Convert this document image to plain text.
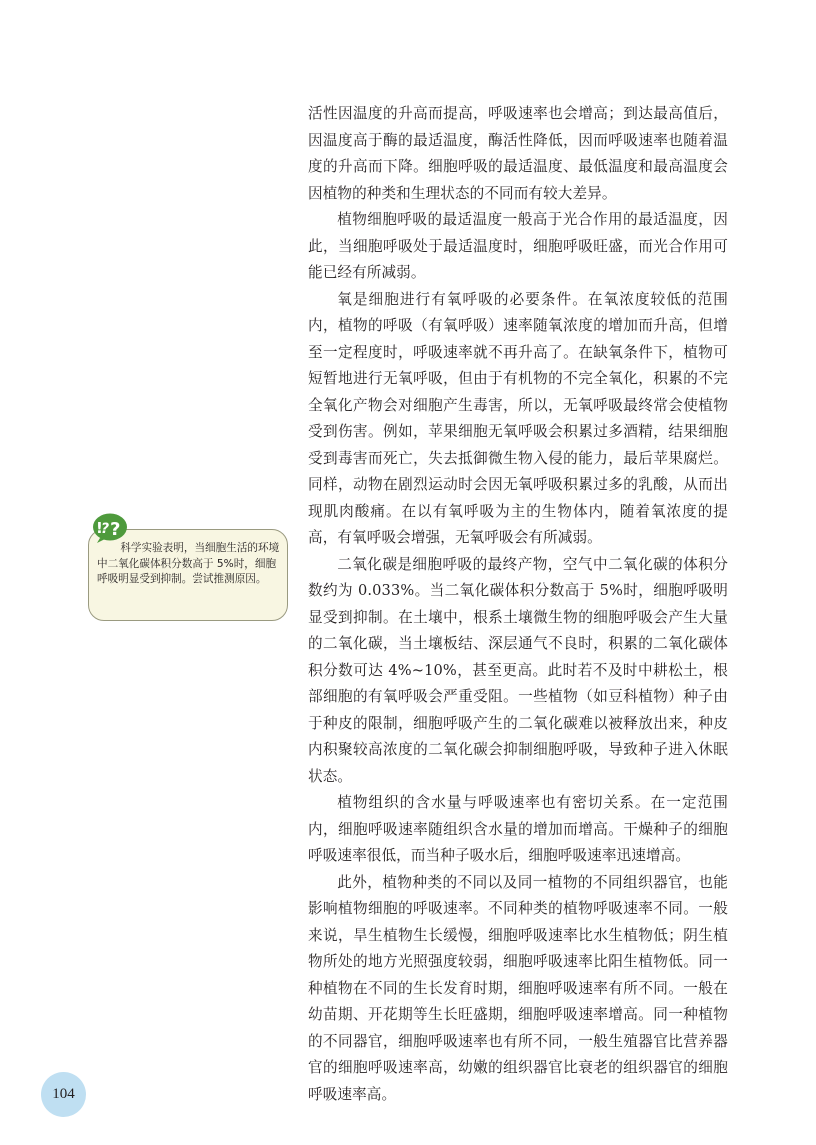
活性因温度的升高而提高，呼吸速率也会增高；到达最高值后，因温度高于酶的最适温度，酶活性降低，因而呼吸速率也随着温度的升高而下降。细胞呼吸的最适温度、最低温度和最高温度会因植物的种类和生理状态的不同而有较大差异。

植物细胞呼吸的最适温度一般高于光合作用的最适温度，因此，当细胞呼吸处于最适温度时，细胞呼吸旺盛，而光合作用可能已经有所减弱。

氧是细胞进行有氧呼吸的必要条件。在氧浓度较低的范围内，植物的呼吸（有氧呼吸）速率随氧浓度的增加而升高，但增至一定程度时，呼吸速率就不再升高了。在缺氧条件下，植物可短暂地进行无氧呼吸，但由于有机物的不完全氧化，积累的不完全氧化产物会对细胞产生毒害，所以，无氧呼吸最终常会使植物受到伤害。例如，苹果细胞无氧呼吸会积累过多酒精，结果细胞受到毒害而死亡，失去抵御微生物入侵的能力，最后苹果腐烂。同样，动物在剧烈运动时会因无氧呼吸积累过多的乳酸，从而出现肌肉酸痛。在以有氧呼吸为主的生物体内，随着氧浓度的提高，有氧呼吸会增强，无氧呼吸会有所减弱。

二氧化碳是细胞呼吸的最终产物，空气中二氧化碳的体积分数约为 0.033%。当二氧化碳体积分数高于 5%时，细胞呼吸明显受到抑制。在土壤中，根系土壤微生物的细胞呼吸会产生大量的二氧化碳，当土壤板结、深层通气不良时，积累的二氧化碳体积分数可达 4%~10%，甚至更高。此时若不及时中耕松土，根部细胞的有氧呼吸会严重受阻。一些植物（如豆科植物）种子由于种皮的限制，细胞呼吸产生的二氧化碳难以被释放出来，种皮内积聚较高浓度的二氧化碳会抑制细胞呼吸，导致种子进入休眠状态。

植物组织的含水量与呼吸速率也有密切关系。在一定范围内，细胞呼吸速率随组织含水量的增加而增高。干燥种子的细胞呼吸速率很低，而当种子吸水后，细胞呼吸速率迅速增高。

此外，植物种类的不同以及同一植物的不同组织器官，也能影响植物细胞的呼吸速率。不同种类的植物呼吸速率不同。一般来说，旱生植物生长缓慢，细胞呼吸速率比水生植物低；阴生植物所处的地方光照强度较弱，细胞呼吸速率比阳生植物低。同一种植物在不同的生长发育时期，细胞呼吸速率有所不同。一般在幼苗期、开花期等生长旺盛期，细胞呼吸速率增高。同一种植物的不同器官，细胞呼吸速率也有所不同，一般生殖器官比营养器官的细胞呼吸速率高，幼嫩的组织器官比衰老的组织器官的细胞呼吸速率高。

!
? ?

科学实验表明，当细胞生活的环境中二氧化碳体积分数高于 5%时，细胞呼吸明显受到抑制。尝试推测原因。

104
